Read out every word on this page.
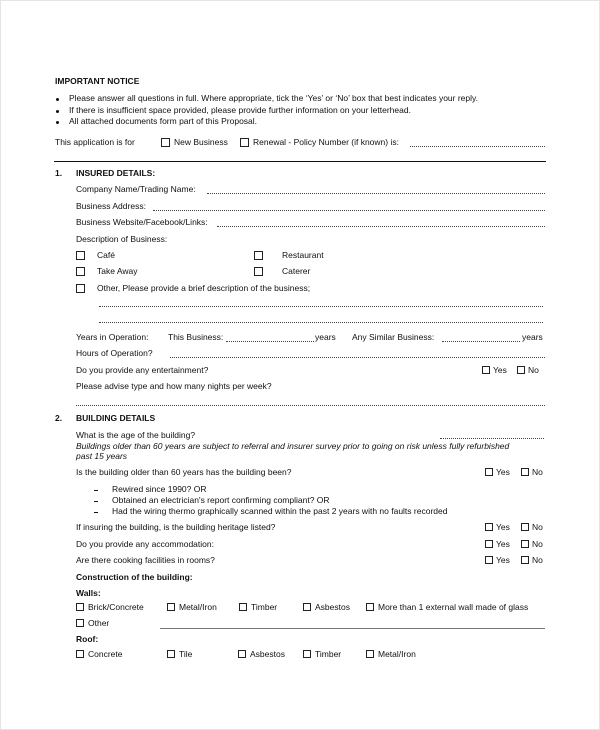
IMPORTANT NOTICE
Please answer all questions in full. Where appropriate, tick the ‘Yes’ or ‘No’ box that best indicates your reply.
If there is insufficient space provided, please provide further information on your letterhead.
All attached documents form part of this Proposal.
This application is for	New Business	Renewal - Policy Number (if known) is:
1. INSURED DETAILS:
Company Name/Trading Name:
Business Address:
Business Website/Facebook/Links:
Description of Business:
Café	Restaurant
Take Away	Caterer
Other, Please provide a brief description of the business;
Years in Operation: This Business:	years Any Similar Business:	years
Hours of Operation?
Do you provide any entertainment?	Yes No
Please advise type and how many nights per week?
2. BUILDING DETAILS
What is the age of the building?
Buildings older than 60 years are subject to referral and insurer survey prior to going on risk unless fully refurbished
past 15 years
Is the building older than 60 years has the building been?	Yes	No
Rewired since 1990? OR
Obtained an electrician's report confirming compliant? OR
Had the wiring thermo graphically scanned within the past 2 years with no faults recorded
If insuring the building, is the building heritage listed?	Yes	No
Do you provide any accommodation:	Yes	No
Are there cooking facilities in rooms?	Yes	No
Construction of the building:
Walls:
Brick/Concrete	Metal/Iron	Timber	Asbestos	More than 1 external wall made of glass
Other
Roof:
Concrete	Tile	Asbestos	Timber	Metal/Iron
